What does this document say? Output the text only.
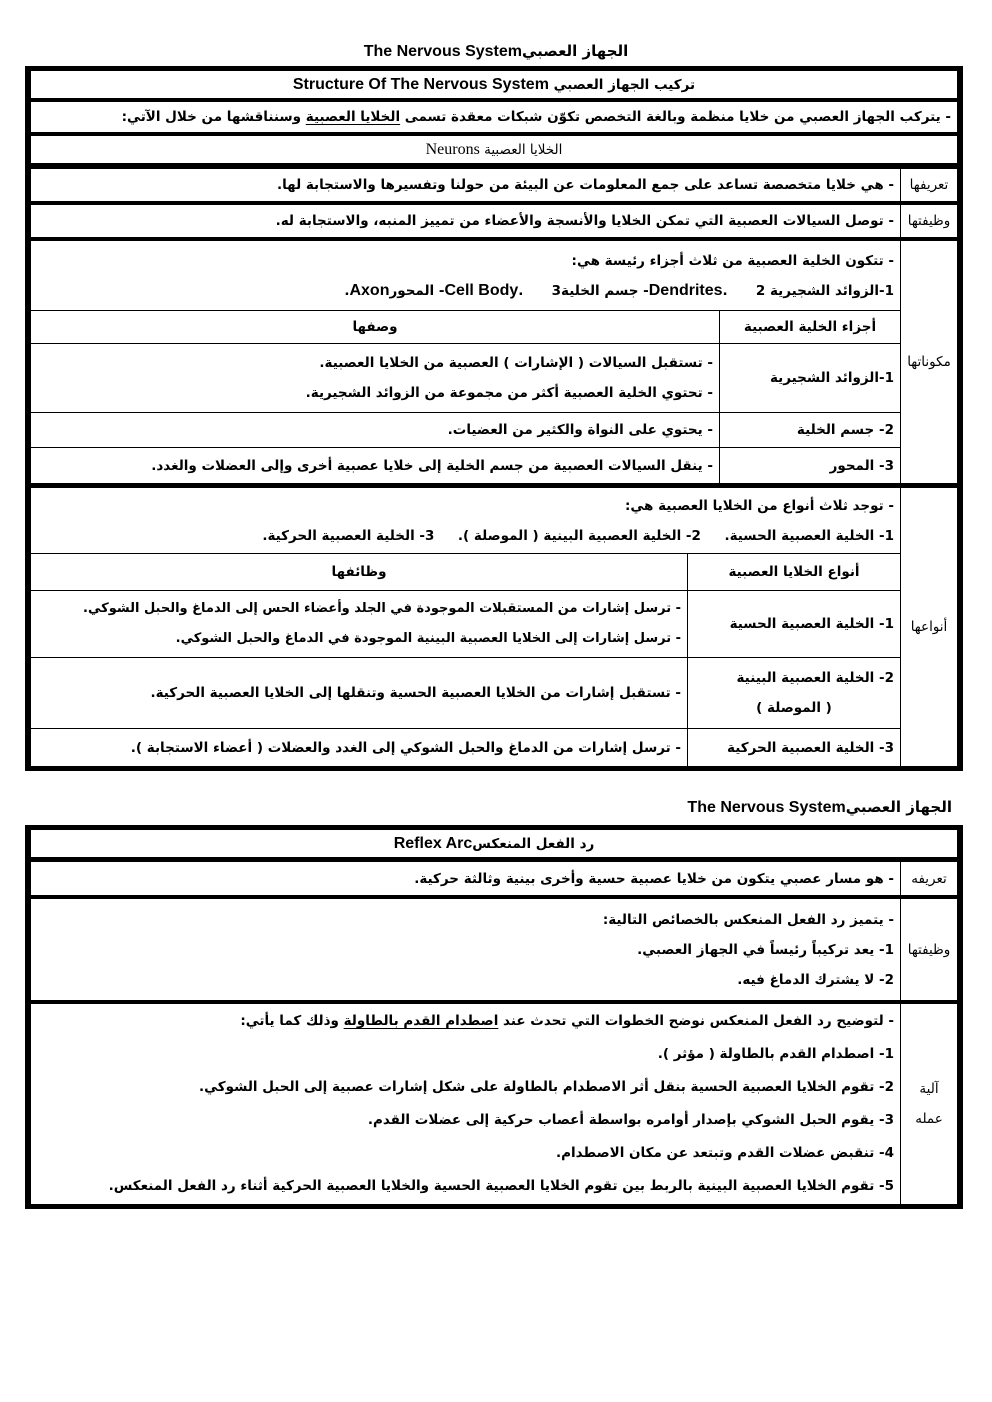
الجهاز العصبيThe Nervous System
تركيب الجهاز العصبي Structure Of The Nervous System
- يتركب الجهاز العصبي من خلايا منظمة وبالغة التخصص تكوّن شبكات معقدة تسمى الخلايا العصبية وسنناقشها من خلال الآتي:
الخلايا العصبية Neurons
تعريفها
- هي خلايا متخصصة تساعد على جمع المعلومات عن البيئة من حولنا وتفسيرها والاستجابة لها.
وظيفتها
- توصل السيالات العصبية التي تمكن الخلايا والأنسجة والأعضاء من تمييز المنبه، والاستجابة له.
مكوناتها
- تتكون الخلية العصبية من ثلاث أجزاء رئيسة هي:
1-الزوائد الشجيرية Dendrites.      2- جسم الخليةCell Body.      3- المحورAxon.
أجزاء الخلية العصبية
وصفها
1-الزوائد الشجيرية
- تستقبل السيالات ( الإشارات ) العصبية من الخلايا العصبية.
- تحتوي الخلية العصبية أكثر من مجموعة من الزوائد الشجيرية.
2- جسم الخلية
- يحتوي على النواة والكثير من العضيات.
3- المحور
- ينقل السيالات العصبية من جسم الخلية إلى خلايا عصبية أخرى وإلى العضلات والغدد.
أنواعها
- توجد ثلاث أنواع من الخلايا العصبية هي:
1- الخلية العصبية الحسية.     2- الخلية العصبية البينية ( الموصلة ).     3- الخلية العصبية الحركية.
أنواع الخلايا العصبية
وظائفها
1- الخلية العصبية الحسية
- ترسل إشارات من المستقبلات الموجودة في الجلد وأعضاء الحس إلى الدماغ والحبل الشوكي.
- ترسل إشارات إلى الخلايا العصبية البينية الموجودة في الدماغ والحبل الشوكي.
2- الخلية العصبية البينية
( الموصلة )
- تستقبل إشارات من الخلايا العصبية الحسية وتنقلها إلى الخلايا العصبية الحركية.
3- الخلية العصبية الحركية
- ترسل إشارات من الدماغ والحبل الشوكي إلى الغدد والعضلات ( أعضاء الاستجابة ).
الجهاز العصبيThe Nervous System
رد الفعل المنعكسReflex Arc
تعريفه
- هو مسار عصبي يتكون من خلايا عصبية حسية وأخرى بينية وثالثة حركية.
وظيفتها
- يتميز رد الفعل المنعكس بالخصائص التالية:
1- يعد تركيباً رئيساً في الجهاز العصبي.
2- لا يشترك الدماغ فيه.
آلية
عمله
- لتوضيح رد الفعل المنعكس نوضح الخطوات التي تحدث عند اصطدام القدم بالطاولة وذلك كما يأتي:
1- اصطدام القدم بالطاولة ( مؤثر ).
2- تقوم الخلايا العصبية الحسية بنقل أثر الاصطدام بالطاولة على شكل إشارات عصبية إلى الحبل الشوكي.
3- يقوم الحبل الشوكي بإصدار أوامره بواسطة أعصاب حركية إلى عضلات القدم.
4- تنقبض عضلات القدم وتبتعد عن مكان الاصطدام.
5- تقوم الخلايا العصبية البينية بالربط بين تقوم الخلايا العصبية الحسية والخلايا العصبية الحركية أثناء رد الفعل المنعكس.
